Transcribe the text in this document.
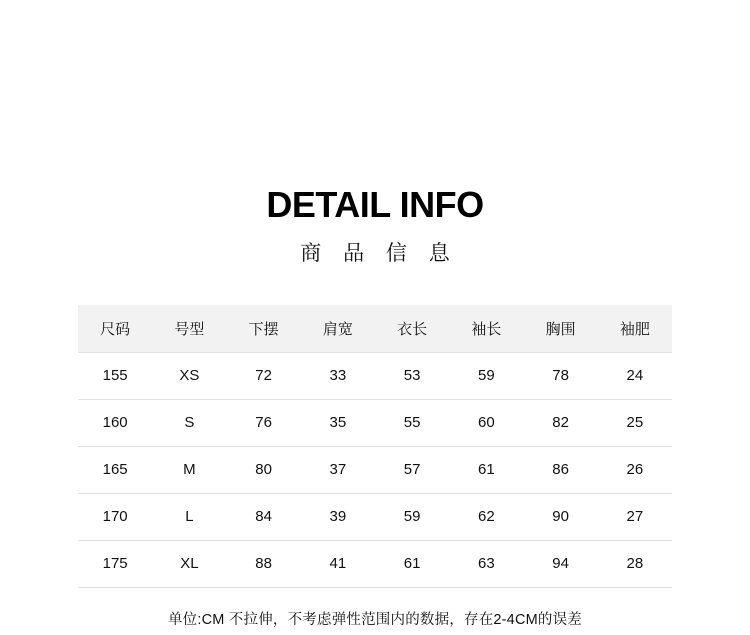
DETAIL INFO
商 品 信 息
尺码	号型	下摆	肩宽	衣长	袖长	胸围	袖肥
155	XS	72	33	53	59	78	24
160	S	76	35	55	60	82	25
165	M	80	37	57	61	86	26
170	L	84	39	59	62	90	27
175	XL	88	41	61	63	94	28
单位:CM 不拉伸，不考虑弹性范围内的数据，存在2-4CM的误差
